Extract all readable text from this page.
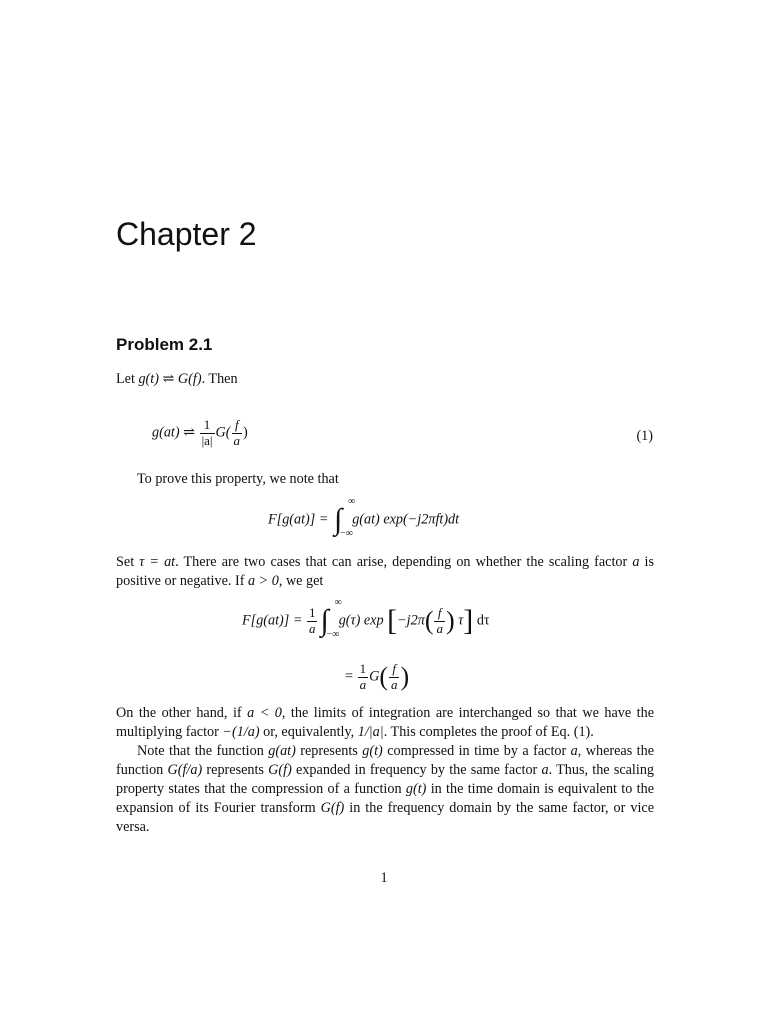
Chapter 2
Problem 2.1

Let g(t) ⇌ G(f). Then

g(at) ⇌ $\frac{1}{|a|} G( \frac{f}{a}$ )	(1)

To prove this property, we note that

F[g(at)] = ∫
∞
−∞
g(at) exp(−j2πft)dt

Set τ = at. There are two cases that can arise, depending on whether the scaling factor a is positive or negative. If a > 0, we get

$F[g(at)] = \frac{1}{a}$ ∫
∞
−∞
g(τ) $\exp [-j2\pi( \frac{f}{a}$ ) τ] dτ
= $\frac{1}{a} G( \frac{f}{a}$ )

On the other hand, if a < 0, the limits of integration are interchanged so that we have the multiplying factor −(1/a) or, equivalently, 1/|a|. This completes the proof of Eq. (1).

Note that the function g(at) represents g(t) compressed in time by a factor a, whereas the function G(f/a) represents G(f) expanded in frequency by the same factor a. Thus, the scaling property states that the compression of a function g(t) in the time domain is equivalent to the expansion of its Fourier transform G(f) in the frequency domain by the same factor, or vice versa.

1
